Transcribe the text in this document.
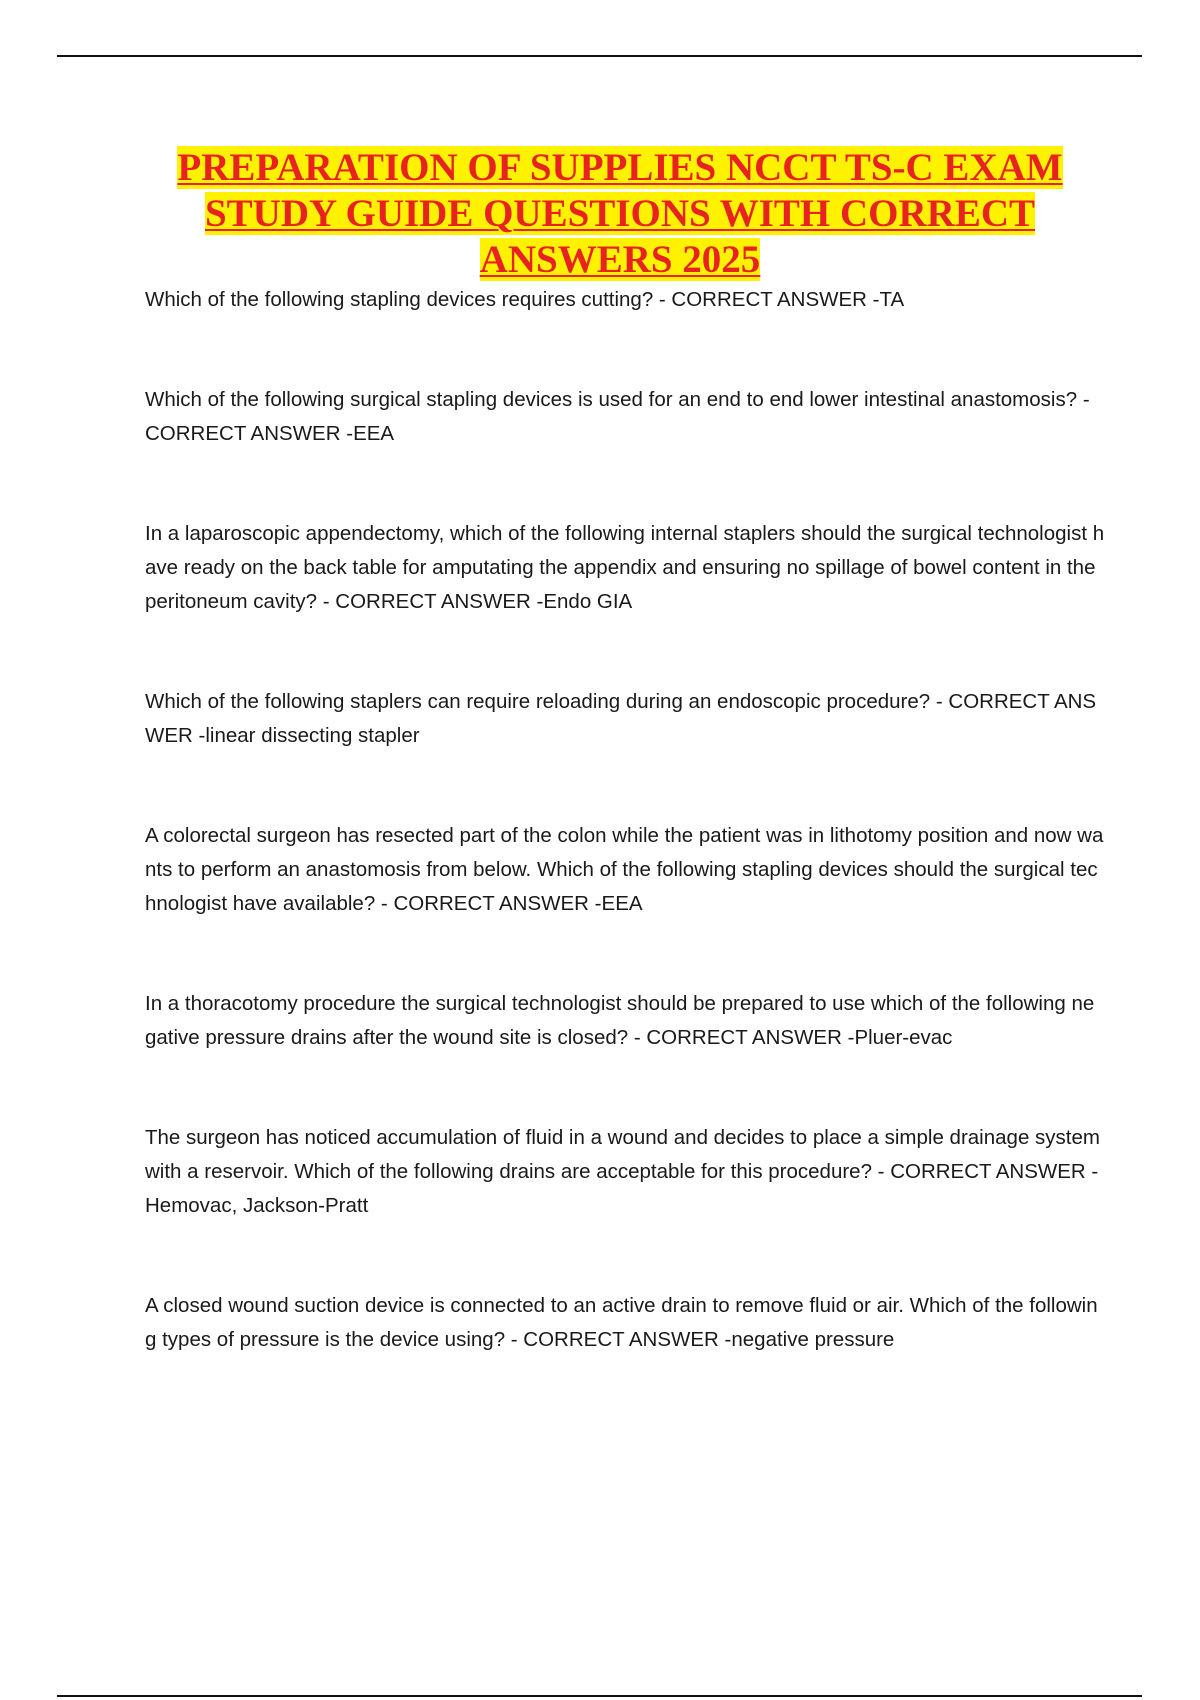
PREPARATION OF SUPPLIES NCCT TS-C EXAM STUDY GUIDE QUESTIONS WITH CORRECT ANSWERS 2025

Which of the following stapling devices requires cutting? - CORRECT ANSWER -TA

Which of the following surgical stapling devices is used for an end to end lower intestinal anastomosis? - CORRECT ANSWER -EEA

In a laparoscopic appendectomy, which of the following internal staplers should the surgical technologist have ready on the back table for amputating the appendix and ensuring no spillage of bowel content in the peritoneum cavity? - CORRECT ANSWER -Endo GIA

Which of the following staplers can require reloading during an endoscopic procedure? - CORRECT ANSWER -linear dissecting stapler

A colorectal surgeon has resected part of the colon while the patient was in lithotomy position and now wants to perform an anastomosis from below. Which of the following stapling devices should the surgical technologist have available? - CORRECT ANSWER -EEA

In a thoracotomy procedure the surgical technologist should be prepared to use which of the following negative pressure drains after the wound site is closed? - CORRECT ANSWER -Pluer-evac

The surgeon has noticed accumulation of fluid in a wound and decides to place a simple drainage system with a reservoir. Which of the following drains are acceptable for this procedure? - CORRECT ANSWER -Hemovac, Jackson-Pratt

A closed wound suction device is connected to an active drain to remove fluid or air. Which of the following types of pressure is the device using? - CORRECT ANSWER -negative pressure
